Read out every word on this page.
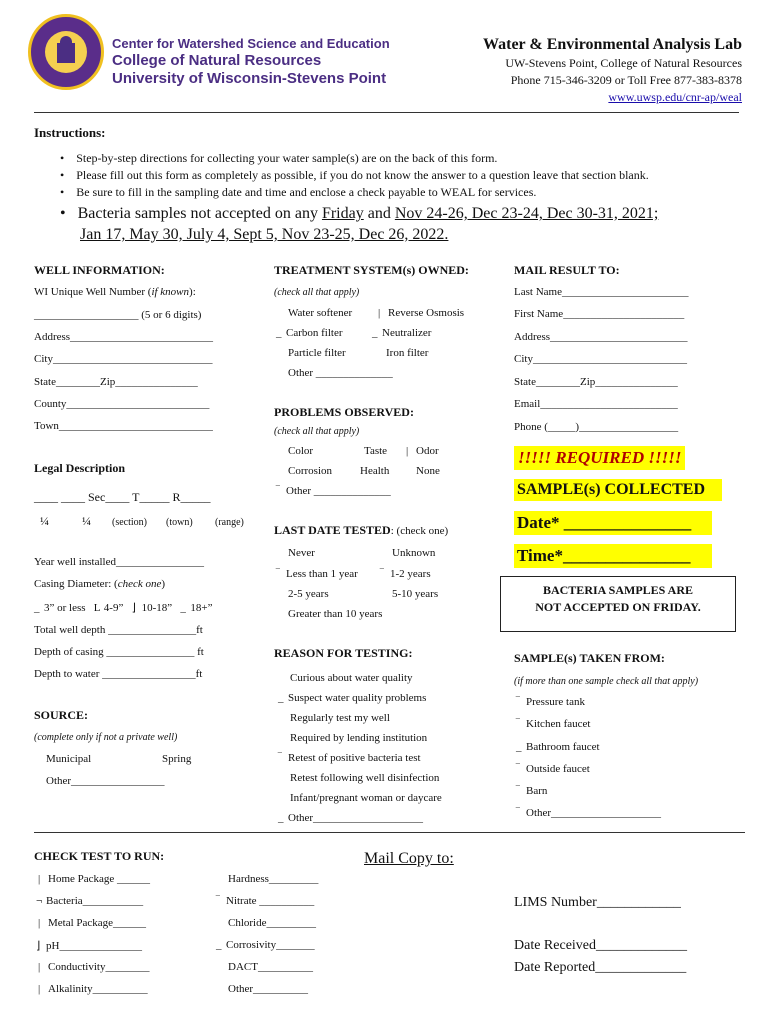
Center for Watershed Science and Education
College of Natural Resources
University of Wisconsin-Stevens Point
Water & Environmental Analysis Lab
UW-Stevens Point, College of Natural Resources
Phone 715-346-3209 or Toll Free 877-383-8378
www.uwsp.edu/cnr-ap/weal
Instructions:
•    Step-by-step directions for collecting your water sample(s) are on the back of this form.
•    Please fill out this form as completely as possible, if you do not know the answer to a question leave that section blank.
•    Be sure to fill in the sampling date and time and enclose a check payable to WEAL for services.
•   Bacteria samples not accepted on any Friday and Nov 24-26, Dec 23-24, Dec 30-31, 2021;
Jan 17, May 30, July 4, Sept 5, Nov 23-25, Dec 26, 2022.
WELL INFORMATION:
WI Unique Well Number (if known):
___________________ (5 or 6 digits)
Address__________________________
City_____________________________
State________Zip_______________
County__________________________
Town____________________________
Legal Description
____ ____ Sec____ T_____ R_____
¼	¼ (section) (town) (range)
Year well installed________________
Casing Diameter: (check one)
_ 3” or less L 4-9” ⌋ 10-18” _ 18+”
Total well depth ________________ft
Depth of casing ________________ ft
Depth to water _________________ft
SOURCE:
(complete only if not a private well)
Municipal	Spring
Other_________________
TREATMENT SYSTEM(s) OWNED:
(check all that apply)
Water softener | Reverse Osmosis
_ Carbon filter	_ Neutralizer
Particle filter	Iron filter
Other ______________
PROBLEMS OBSERVED:
(check all that apply)
Color	Taste | Odor
Corrosion	Health None
‾ Other ______________
LAST DATE TESTED: (check one)
Never	Unknown
‾ Less than 1 year ‾ 1-2 years
2-5 years	5-10 years
Greater than 10 years
REASON FOR TESTING:
Curious about water quality
_ Suspect water quality problems
Regularly test my well
Required by lending institution
‾ Retest of positive bacteria test
Retest following well disinfection
Infant/pregnant woman or daycare
_ Other____________________
MAIL RESULT TO:
Last Name_______________________
First Name______________________
Address_________________________
City____________________________
State________Zip_______________
Email_________________________
Phone (_____)__________________
!!!!! REQUIRED !!!!!
SAMPLE(s) COLLECTED
Date* _______________
Time*_______________
BACTERIA SAMPLES ARE
NOT ACCEPTED ON FRIDAY.
SAMPLE(s) TAKEN FROM:
(if more than one sample check all that apply)
‾ Pressure tank
‾ Kitchen faucet
_ Bathroom faucet
‾ Outside faucet
‾ Barn
‾ Other____________________
CHECK TEST TO RUN:
| Home Package ______
¬ Bacteria___________
| Metal Package______
⌋ pH_______________
| Conductivity________
| Alkalinity__________
Hardness_________
‾ Nitrate __________
Chloride_________
_ Corrosivity_______
DACT__________
Other__________
Mail Copy to:
LIMS Number____________
Date Received_____________
Date Reported_____________
